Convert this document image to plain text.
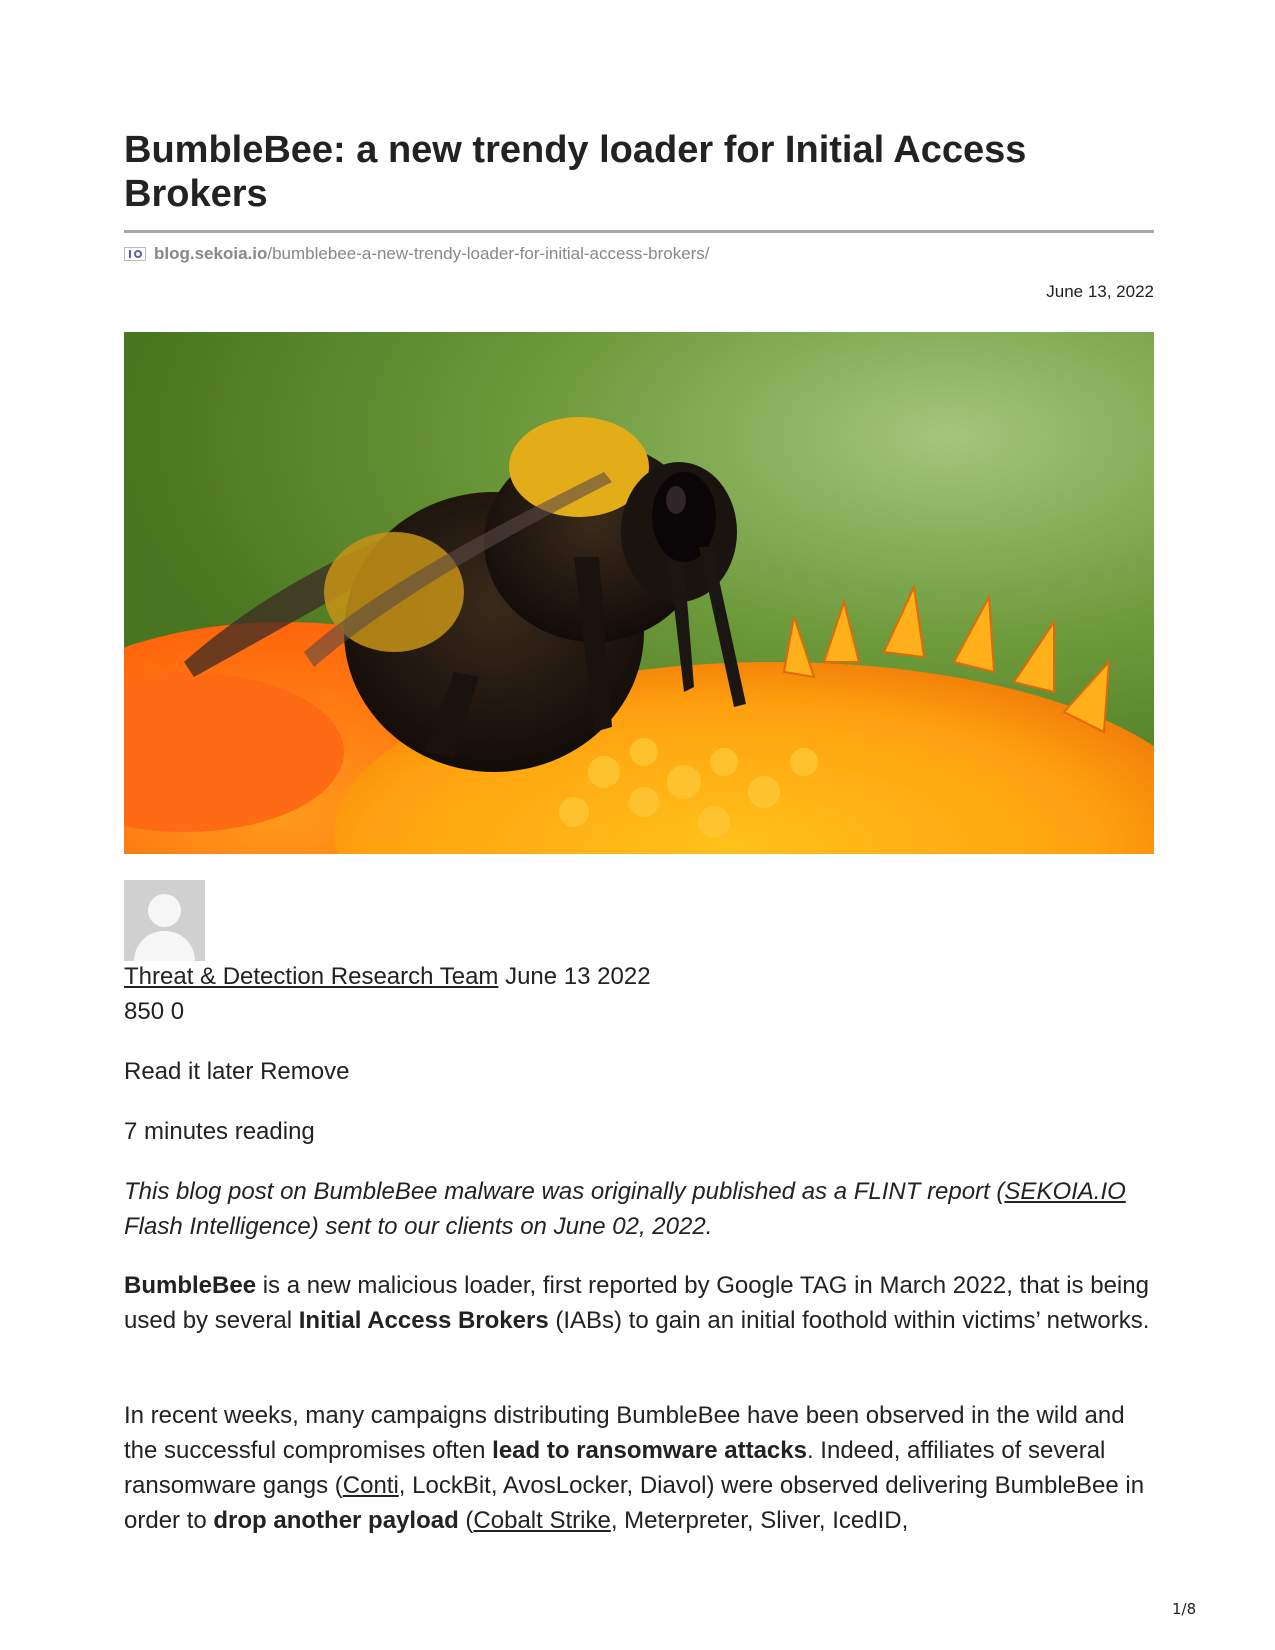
BumbleBee: a new trendy loader for Initial Access Brokers
blog.sekoia.io/bumblebee-a-new-trendy-loader-for-initial-access-brokers/
June 13, 2022
Threat & Detection Research Team June 13 2022
850 0
Read it later Remove
7 minutes reading
This blog post on BumbleBee malware was originally published as a FLINT report (SEKOIA.IO Flash Intelligence) sent to our clients on June 02, 2022.
BumbleBee is a new malicious loader, first reported by Google TAG in March 2022, that is being used by several Initial Access Brokers (IABs) to gain an initial foothold within victims’ networks.
In recent weeks, many campaigns distributing BumbleBee have been observed in the wild and the successful compromises often lead to ransomware attacks. Indeed, affiliates of several ransomware gangs (Conti, LockBit, AvosLocker, Diavol) were observed delivering BumbleBee in order to drop another payload (Cobalt Strike, Meterpreter, Sliver, IcedID,
1/8
